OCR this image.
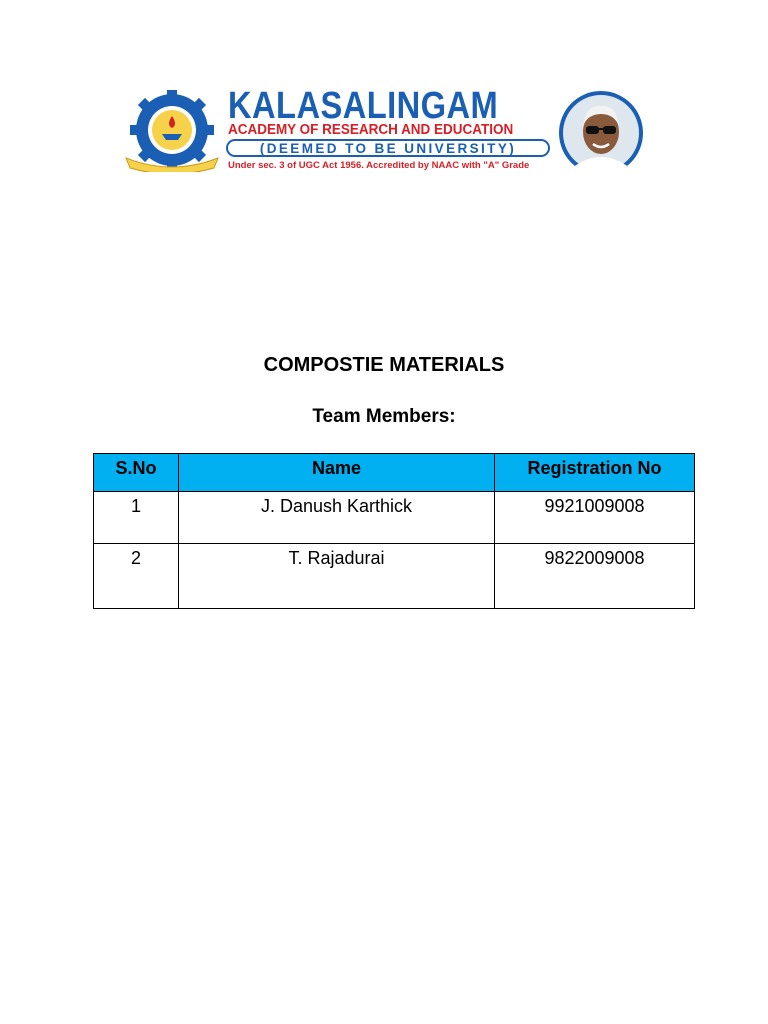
KALASALINGAM
ACADEMY OF RESEARCH AND EDUCATION
(DEEMED TO BE UNIVERSITY)
Under sec. 3 of UGC Act 1956. Accredited by NAAC with "A" Grade
COMPOSTIE MATERIALS
Team Members:
S.No	Name	Registration No
1	J. Danush Karthick	9921009008
2	T. Rajadurai	9822009008
